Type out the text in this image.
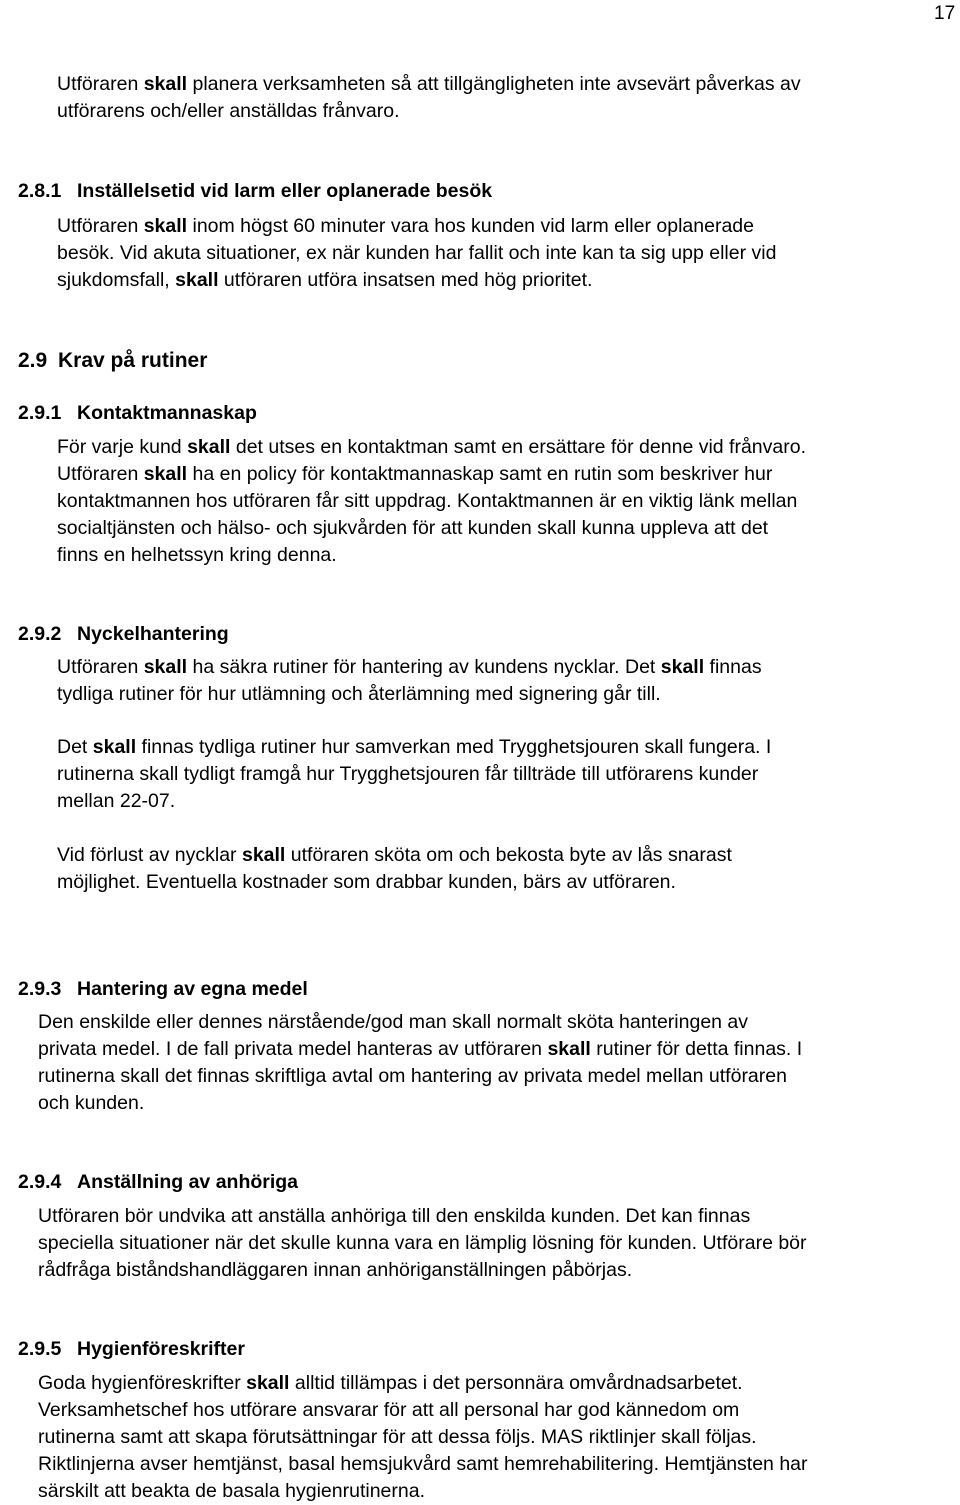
17
Utföraren skall planera verksamheten så att tillgängligheten inte avsevärt påverkas av
utförarens och/eller anställdas frånvaro.
2.8.1 Inställelsetid vid larm eller oplanerade besök
Utföraren skall inom högst 60 minuter vara hos kunden vid larm eller oplanerade
besök. Vid akuta situationer, ex när kunden har fallit och inte kan ta sig upp eller vid
sjukdomsfall, skall utföraren utföra insatsen med hög prioritet.
2.9 Krav på rutiner
2.9.1 Kontaktmannaskap
För varje kund skall det utses en kontaktman samt en ersättare för denne vid frånvaro.
Utföraren skall ha en policy för kontaktmannaskap samt en rutin som beskriver hur
kontaktmannen hos utföraren får sitt uppdrag. Kontaktmannen är en viktig länk mellan
socialtjänsten och hälso- och sjukvården för att kunden skall kunna uppleva att det
finns en helhetssyn kring denna.
2.9.2 Nyckelhantering
Utföraren skall ha säkra rutiner för hantering av kundens nycklar. Det skall finnas
tydliga rutiner för hur utlämning och återlämning med signering går till.
Det skall finnas tydliga rutiner hur samverkan med Trygghetsjouren skall fungera. I
rutinerna skall tydligt framgå hur Trygghetsjouren får tillträde till utförarens kunder
mellan 22-07.
Vid förlust av nycklar skall utföraren sköta om och bekosta byte av lås snarast
möjlighet. Eventuella kostnader som drabbar kunden, bärs av utföraren.
2.9.3 Hantering av egna medel
Den enskilde eller dennes närstående/god man skall normalt sköta hanteringen av
privata medel. I de fall privata medel hanteras av utföraren skall rutiner för detta finnas. I
rutinerna skall det finnas skriftliga avtal om hantering av privata medel mellan utföraren
och kunden.
2.9.4 Anställning av anhöriga
Utföraren bör undvika att anställa anhöriga till den enskilda kunden. Det kan finnas
speciella situationer när det skulle kunna vara en lämplig lösning för kunden. Utförare bör
rådfråga biståndshandläggaren innan anhöriganställningen påbörjas.
2.9.5 Hygienföreskrifter
Goda hygienföreskrifter skall alltid tillämpas i det personnära omvårdnadsarbetet.
Verksamhetschef hos utförare ansvarar för att all personal har god kännedom om
rutinerna samt att skapa förutsättningar för att dessa följs. MAS riktlinjer skall följas.
Riktlinjerna avser hemtjänst, basal hemsjukvård samt hemrehabilitering. Hemtjänsten har
särskilt att beakta de basala hygienrutinerna.
